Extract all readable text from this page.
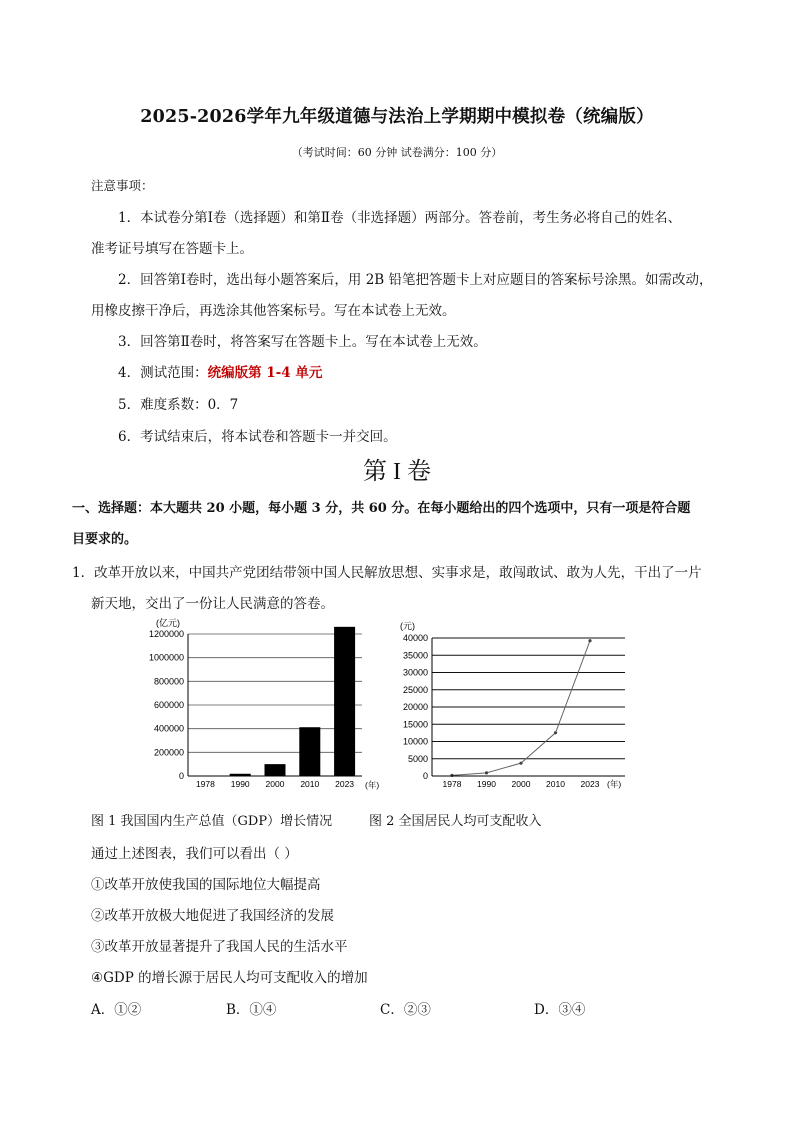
2025-2026学年九年级道德与法治上学期期中模拟卷（统编版）
（考试时间：60 分钟 试卷满分：100 分）
注意事项：
1．本试卷分第Ⅰ卷（选择题）和第Ⅱ卷（非选择题）两部分。答卷前，考生务必将自己的姓名、
准考证号填写在答题卡上。
2．回答第Ⅰ卷时，选出每小题答案后，用 2B 铅笔把答题卡上对应题目的答案标号涂黑。如需改动，
用橡皮擦干净后，再选涂其他答案标号。写在本试卷上无效。
3．回答第Ⅱ卷时，将答案写在答题卡上。写在本试卷上无效。
4．测试范围：统编版第 1-4 单元
5．难度系数：0．7
6．考试结束后，将本试卷和答题卡一并交回。
第 I 卷
一、选择题：本大题共 20 小题，每小题 3 分，共 60 分。在每小题给出的四个选项中，只有一项是符合题
目要求的。
1．改革开放以来，中国共产党团结带领中国人民解放思想、实事求是，敢闯敢试、敢为人先，干出了一片
新天地，交出了一份让人民满意的答卷。
(亿元)
0
200000
400000
600000
800000
1000000
1200000
1978 1990 2000 2010 2023 (年)
(元)
0
5000
10000
15000
20000
25000
30000
35000
40000
1978 1990 2000 2010 2023 (年)
图 1 我国国内生产总值（GDP）增长情况	图 2 全国居民人均可支配收入
通过上述图表，我们可以看出（ ）
①改革开放使我国的国际地位大幅提高
②改革开放极大地促进了我国经济的发展
③改革开放显著提升了我国人民的生活水平
④GDP 的增长源于居民人均可支配收入的增加
A．①②	B．①④	C．②③	D．③④
